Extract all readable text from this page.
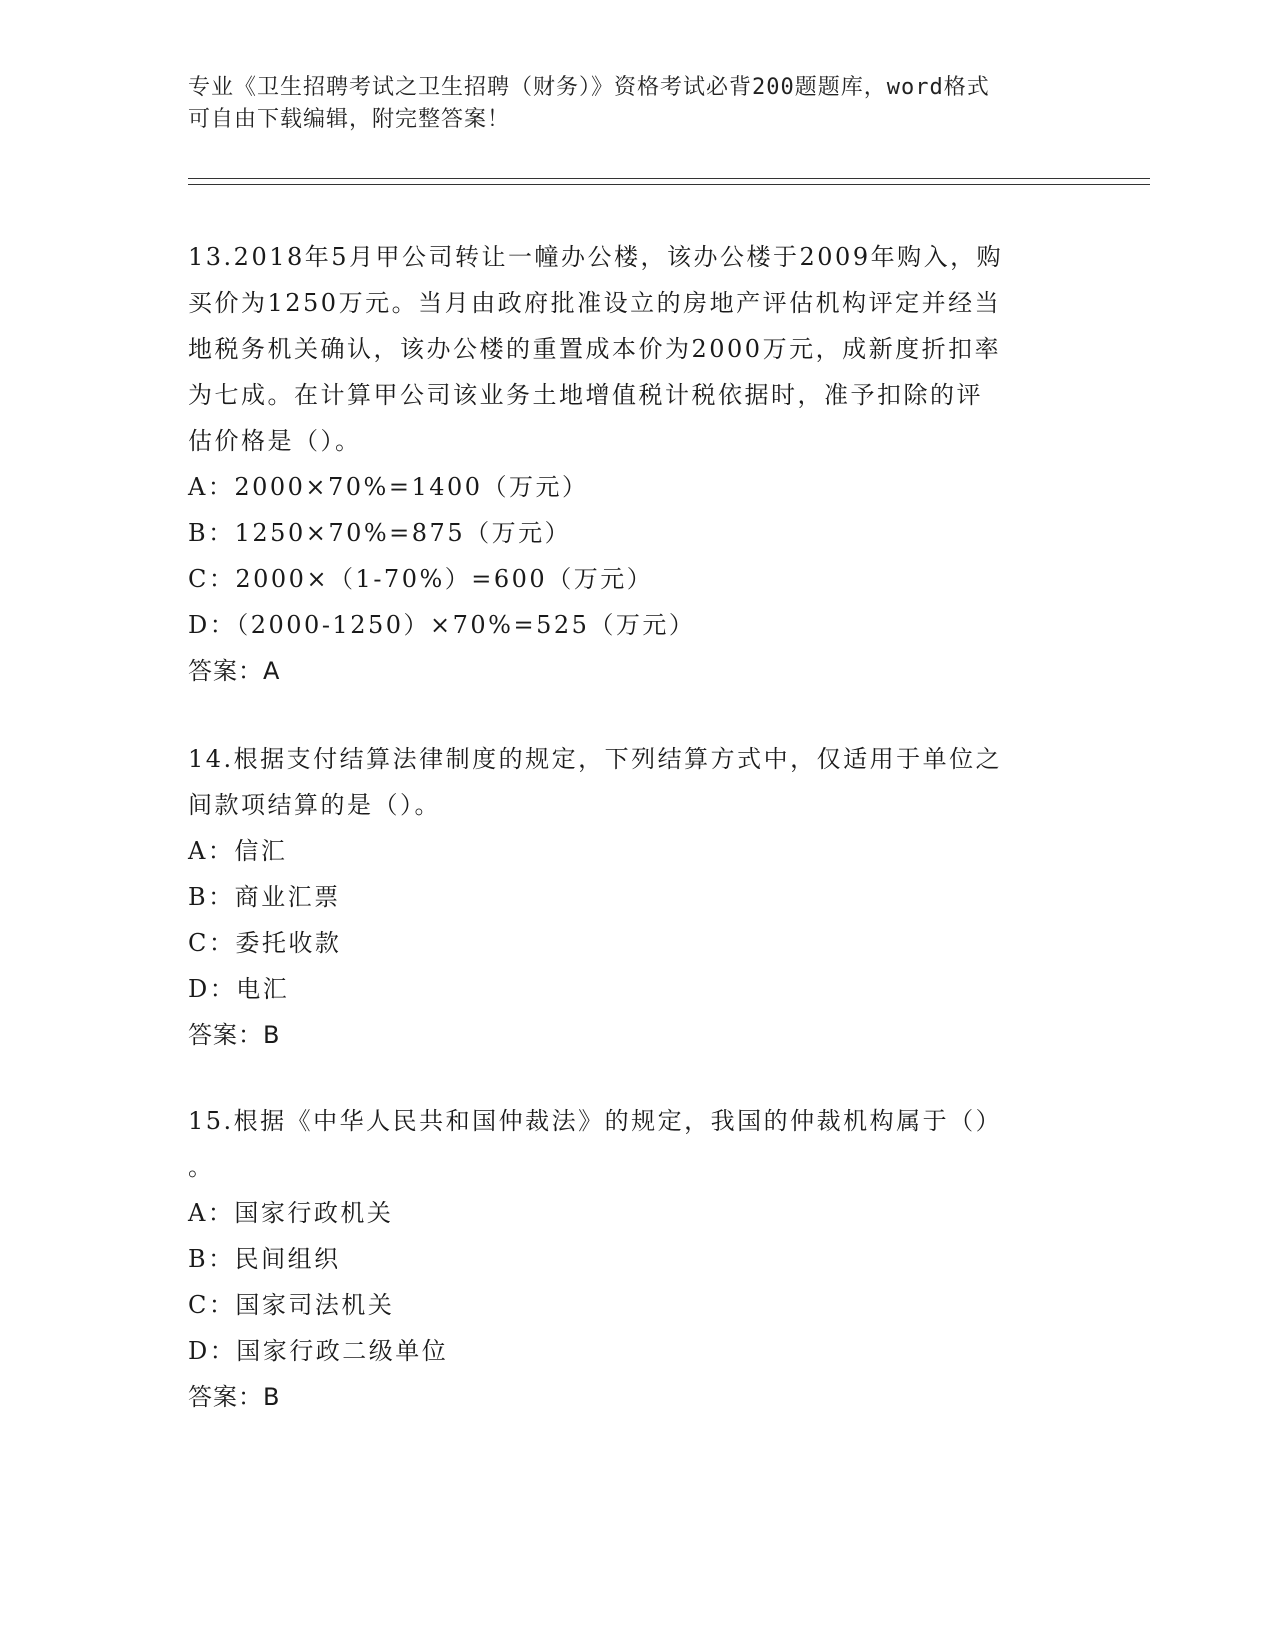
专业《卫生招聘考试之卫生招聘（财务）》资格考试必背200题题库，word格式

可自由下载编辑，附完整答案！

13.2018年5月甲公司转让一幢办公楼，该办公楼于2009年购入，购

买价为1250万元。当月由政府批准设立的房地产评估机构评定并经当

地税务机关确认，该办公楼的重置成本价为2000万元，成新度折扣率

为七成。在计算甲公司该业务土地增值税计税依据时，准予扣除的评

估价格是（）。

A：2000×70%=1400（万元）

B：1250×70%=875（万元）

C：2000×（1-70%）=600（万元）

D：（2000-1250）×70%=525（万元）

答案：A

14.根据支付结算法律制度的规定，下列结算方式中，仅适用于单位之

间款项结算的是（）。

A：信汇

B：商业汇票

C：委托收款

D：电汇

答案：B

15.根据《中华人民共和国仲裁法》的规定，我国的仲裁机构属于（）

。

A：国家行政机关

B：民间组织

C：国家司法机关

D：国家行政二级单位

答案：B
